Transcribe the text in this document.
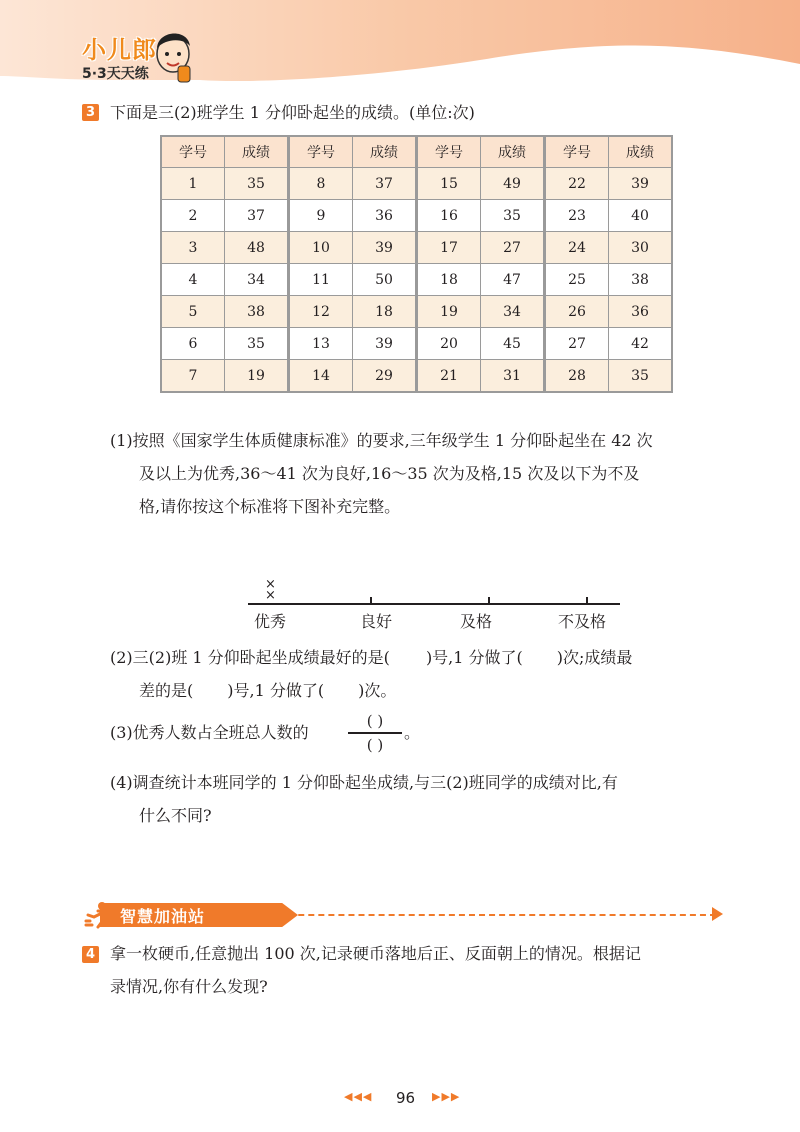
小儿郎
5·3天天练
3 下面是三(2)班学生 1 分仰卧起坐的成绩。(单位:次)
学号	成绩	学号	成绩	学号	成绩	学号	成绩
1	35	8	37	15	49	22	39
2	37	9	36	16	35	23	40
3	48	10	39	17	27	24	30
4	34	11	50	18	47	25	38
5	38	12	18	19	34	26	36
6	35	13	39	20	45	27	42
7	19	14	29	21	31	28	35
(1)按照《国家学生体质健康标准》的要求,三年级学生 1 分仰卧起坐在 42 次
及以上为优秀,36～41 次为良好,16～35 次为及格,15 次及以下为不及
格,请你按这个标准将下图补充完整。
×
×
优秀	良好	及格	不及格
(2)三(2)班 1 分仰卧起坐成绩最好的是( )号,1 分做了( )次;成绩最
差的是( )号,1 分做了( )次。
(3)优秀人数占全班总人数的
( )
( )
。
(4)调查统计本班同学的 1 分仰卧起坐成绩,与三(2)班同学的成绩对比,有
什么不同?
智慧加油站
4 拿一枚硬币,任意抛出 100 次,记录硬币落地后正、反面朝上的情况。根据记
录情况,你有什么发现?
◀◀◀ 96 ▶▶▶
